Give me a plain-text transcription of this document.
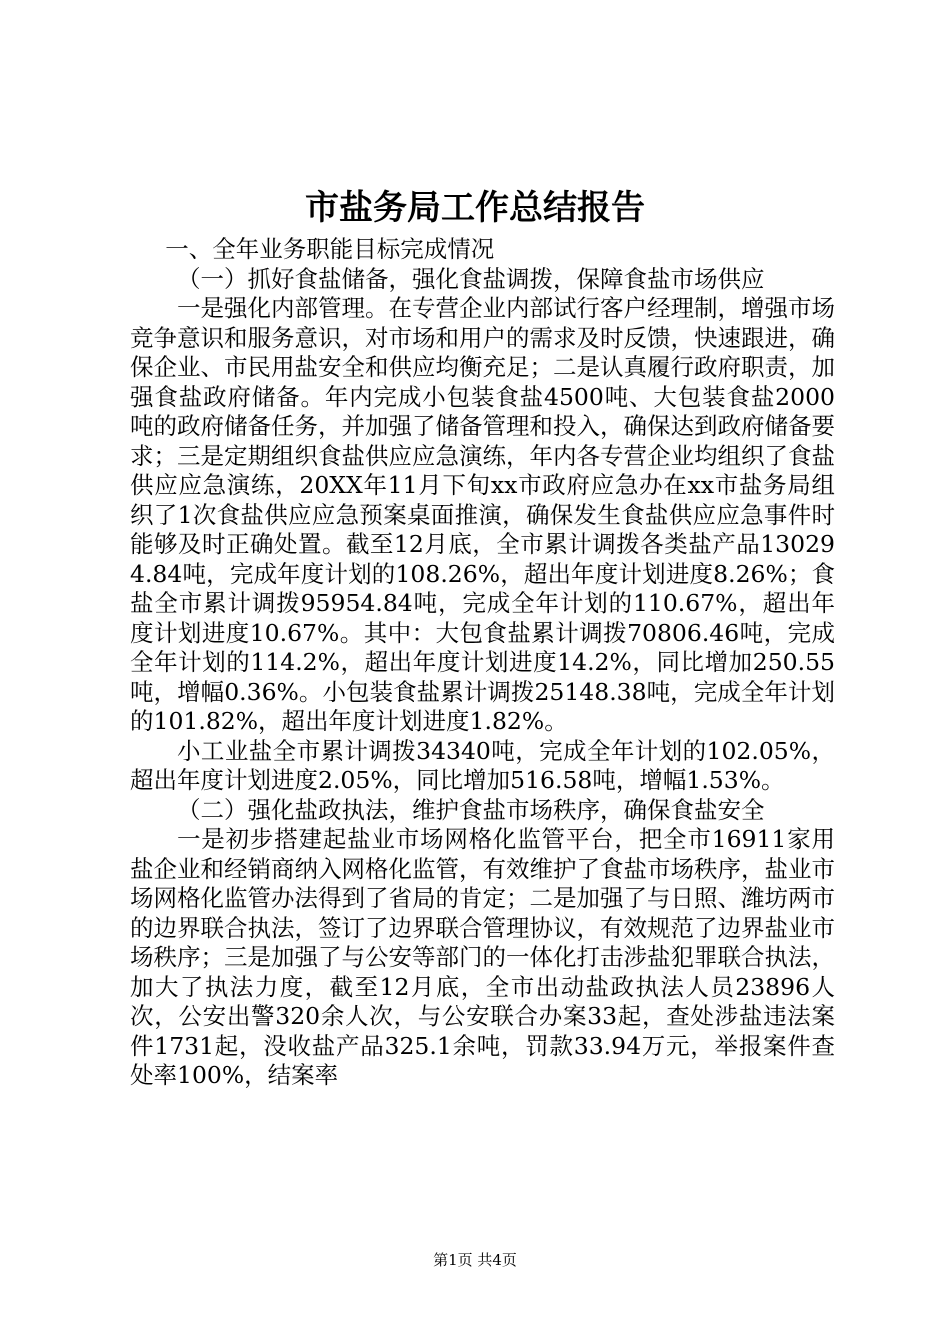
市盐务局工作总结报告

一、全年业务职能目标完成情况

（一）抓好食盐储备，强化食盐调拨，保障食盐市场供应

一是强化内部管理。在专营企业内部试行客户经理制，增强市场竞争意识和服务意识，对市场和用户的需求及时反馈，快速跟进，确保企业、市民用盐安全和供应均衡充足；二是认真履行政府职责，加强食盐政府储备。年内完成小包装食盐4500吨、大包装食盐2000吨的政府储备任务，并加强了储备管理和投入，确保达到政府储备要求；三是定期组织食盐供应应急演练，年内各专营企业均组织了食盐供应应急演练，20XX年11月下旬xx市政府应急办在xx市盐务局组织了1次食盐供应应急预案桌面推演，确保发生食盐供应应急事件时能够及时正确处置。截至12月底，全市累计调拨各类盐产品130294.84吨，完成年度计划的108.26%，超出年度计划进度8.26%；食盐全市累计调拨95954.84吨，完成全年计划的110.67%，超出年度计划进度10.67%。其中：大包食盐累计调拨70806.46吨，完成全年计划的114.2%，超出年度计划进度14.2%，同比增加250.55吨，增幅0.36%。小包装食盐累计调拨25148.38吨，完成全年计划的101.82%，超出年度计划进度1.82%。

小工业盐全市累计调拨34340吨，完成全年计划的102.05%，超出年度计划进度2.05%，同比增加516.58吨，增幅1.53%。

（二）强化盐政执法，维护食盐市场秩序，确保食盐安全

一是初步搭建起盐业市场网格化监管平台，把全市16911家用盐企业和经销商纳入网格化监管，有效维护了食盐市场秩序，盐业市场网格化监管办法得到了省局的肯定；二是加强了与日照、潍坊两市的边界联合执法，签订了边界联合管理协议，有效规范了边界盐业市场秩序；三是加强了与公安等部门的一体化打击涉盐犯罪联合执法，加大了执法力度，截至12月底，全市出动盐政执法人员23896人次，公安出警320余人次，与公安联合办案33起，查处涉盐违法案件1731起，没收盐产品325.1余吨，罚款33.94万元，举报案件查处率100%，结案率

第1页 共4页
